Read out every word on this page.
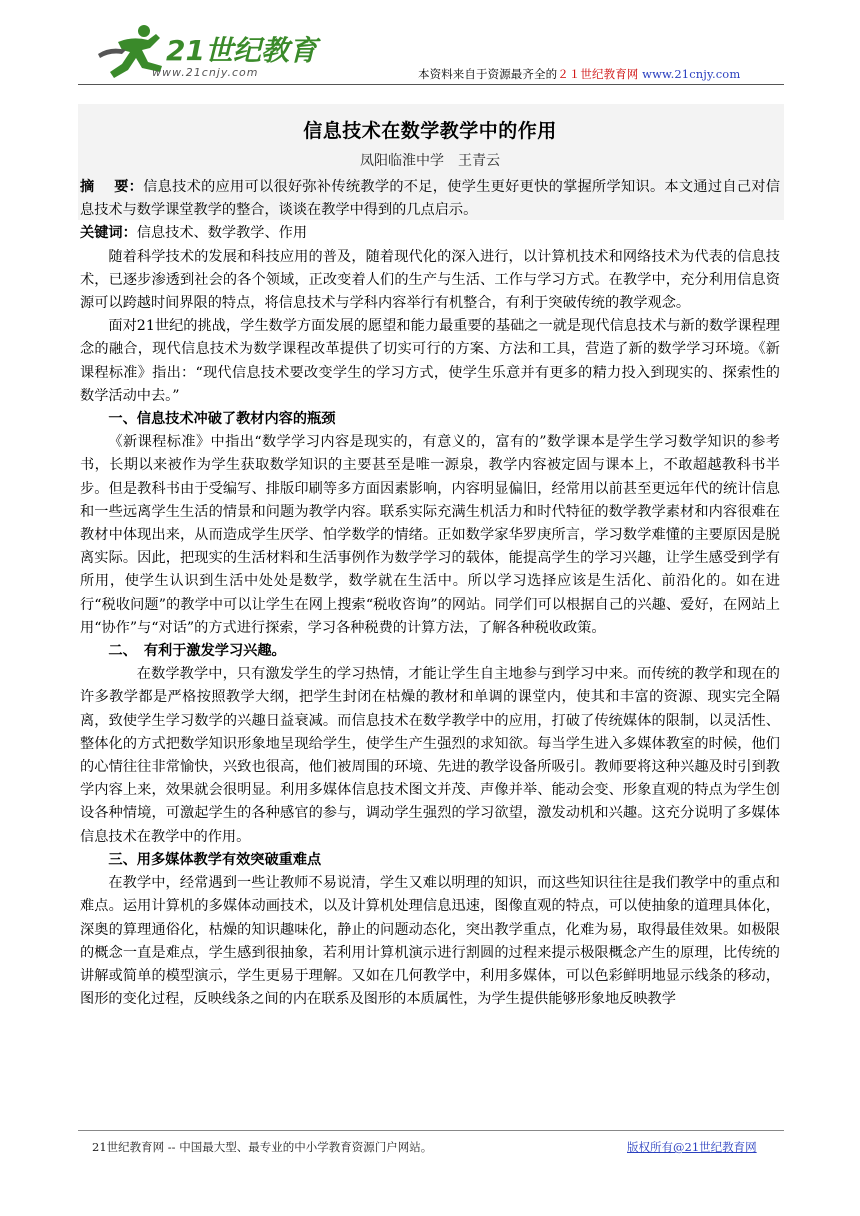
21世纪教育
www.21cnjy.com	本资料来自于资源最齐全的２１世纪教育网 www.21cnjy.com
信息技术在数学教学中的作用
凤阳临淮中学　王青云

摘　 要：信息技术的应用可以很好弥补传统教学的不足，使学生更好更快的掌握所学知识。本文通过自己对信息技术与数学课堂教学的整合，谈谈在教学中得到的几点启示。

关键词：信息技术、数学教学、作用

随着科学技术的发展和科技应用的普及，随着现代化的深入进行，以计算机技术和网络技术为代表的信息技术，已逐步渗透到社会的各个领域，正改变着人们的生产与生活、工作与学习方式。在教学中，充分利用信息资源可以跨越时间界限的特点，将信息技术与学科内容举行有机整合，有利于突破传统的教学观念。

面对21世纪的挑战，学生数学方面发展的愿望和能力最重要的基础之一就是现代信息技术与新的数学课程理念的融合，现代信息技术为数学课程改革提供了切实可行的方案、方法和工具，营造了新的数学学习环境。《新课程标准》指出：“现代信息技术要改变学生的学习方式，使学生乐意并有更多的精力投入到现实的、探索性的数学活动中去。”

一、信息技术冲破了教材内容的瓶颈

《新课程标准》中指出“数学学习内容是现实的，有意义的，富有的”数学课本是学生学习数学知识的参考书，长期以来被作为学生获取数学知识的主要甚至是唯一源泉，教学内容被定固与课本上，不敢超越教科书半步。但是教科书由于受编写、排版印刷等多方面因素影响，内容明显偏旧，经常用以前甚至更远年代的统计信息和一些远离学生生活的情景和问题为教学内容。联系实际充满生机活力和时代特征的数学教学素材和内容很难在教材中体现出来，从而造成学生厌学、怕学数学的情绪。正如数学家华罗庚所言，学习数学难懂的主要原因是脱离实际。因此，把现实的生活材料和生活事例作为数学学习的载体，能提高学生的学习兴趣，让学生感受到学有所用，使学生认识到生活中处处是数学，数学就在生活中。所以学习选择应该是生活化、前沿化的。如在进行“税收问题”的教学中可以让学生在网上搜索“税收咨询”的网站。同学们可以根据自己的兴趣、爱好，在网站上用“协作”与“对话”的方式进行探索，学习各种税费的计算方法，了解各种税收政策。

二、　有利于激发学习兴趣。

在数学教学中，只有激发学生的学习热情，才能让学生自主地参与到学习中来。而传统的教学和现在的许多教学都是严格按照教学大纲，把学生封闭在枯燥的教材和单调的课堂内，使其和丰富的资源、现实完全隔离，致使学生学习数学的兴趣日益衰减。而信息技术在数学教学中的应用，打破了传统媒体的限制，以灵活性、整体化的方式把数学知识形象地呈现给学生，使学生产生强烈的求知欲。每当学生进入多媒体教室的时候，他们的心情往往非常愉快，兴致也很高，他们被周围的环境、先进的教学设备所吸引。教师要将这种兴趣及时引到教学内容上来，效果就会很明显。利用多媒体信息技术图文并茂、声像并举、能动会变、形象直观的特点为学生创设各种情境，可激起学生的各种感官的参与，调动学生强烈的学习欲望，激发动机和兴趣。这充分说明了多媒体信息技术在教学中的作用。

三、用多媒体教学有效突破重难点

在教学中，经常遇到一些让教师不易说清，学生又难以明理的知识，而这些知识往往是我们教学中的重点和难点。运用计算机的多媒体动画技术，以及计算机处理信息迅速，图像直观的特点，可以使抽象的道理具体化，深奥的算理通俗化，枯燥的知识趣味化，静止的问题动态化，突出教学重点，化难为易，取得最佳效果。如极限的概念一直是难点，学生感到很抽象，若利用计算机演示进行割圆的过程来提示极限概念产生的原理，比传统的讲解或简单的模型演示，学生更易于理解。又如在几何教学中，利用多媒体，可以色彩鲜明地显示线条的移动，图形的变化过程，反映线条之间的内在联系及图形的本质属性，为学生提供能够形象地反映教学

21世纪教育网 -- 中国最大型、最专业的中小学教育资源门户网站。	版权所有@21世纪教育网
